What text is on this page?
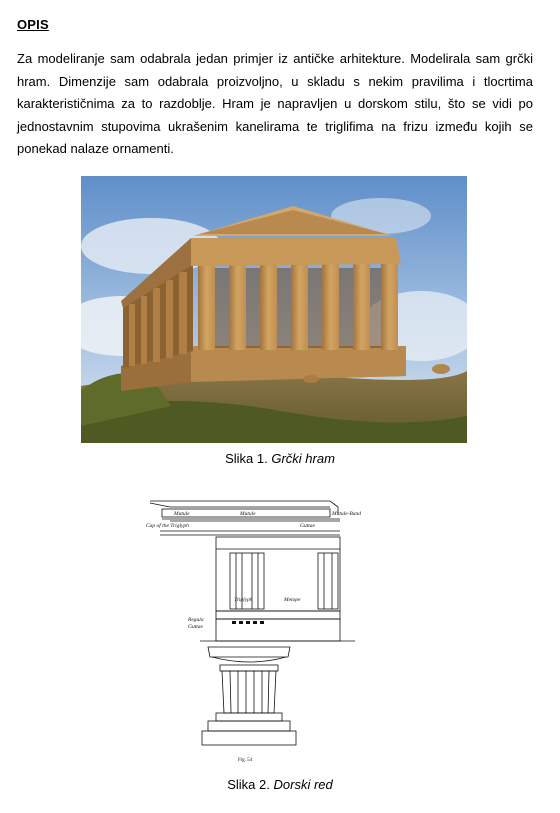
OPIS
Za modeliranje sam odabrala jedan primjer iz antičke arhitekture. Modelirala sam grčki hram. Dimenzije sam odabrala proizvoljno, u skladu s nekim pravilima i tlocrtima karakterističnima za to razdoblje. Hram je napravljen u dorskom stilu, što se vidi po jednostavnim stupovima ukrašenim kanelirama te triglifima na frizu između kojih se ponekad nalaze ornamenti.
Slika 1. Grčki hram
Mutule	Mutule	Mutule-Band
Guttae
Cap of the Triglyph
Triglyph	Metope
Regula
Guttae
Fig. 54
Slika 2. Dorski red
